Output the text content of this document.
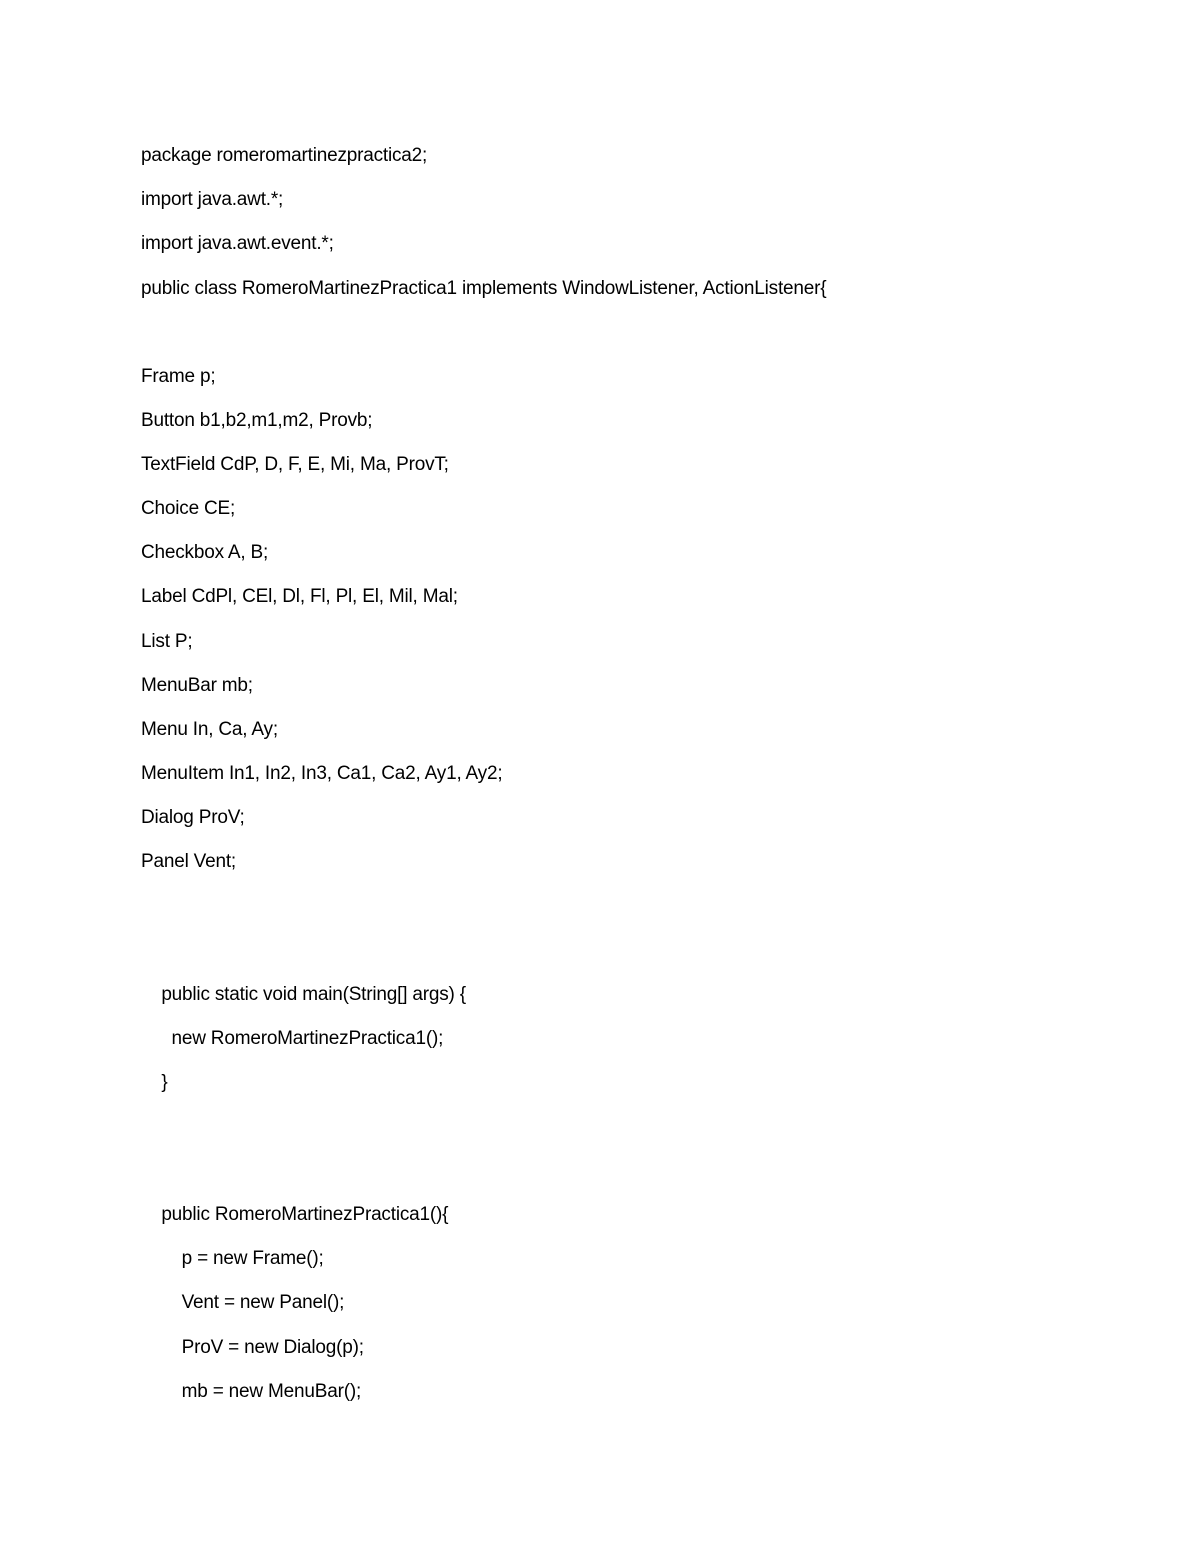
package romeromartinezpractica2;
import java.awt.*;
import java.awt.event.*;
public class RomeroMartinezPractica1 implements WindowListener, ActionListener{
Frame p;
Button b1,b2,m1,m2, Provb;
TextField CdP, D, F, E, Mi, Ma, ProvT;
Choice CE;
Checkbox A, B;
Label CdPl, CEl, Dl, Fl, Pl, El, Mil, Mal;
List P;
MenuBar mb;
Menu In, Ca, Ay;
MenuItem In1, In2, In3, Ca1, Ca2, Ay1, Ay2;
Dialog ProV;
Panel Vent;
public static void main(String[] args) {
new RomeroMartinezPractica1();
}
public RomeroMartinezPractica1(){
p = new Frame();
Vent = new Panel();
ProV = new Dialog(p);
mb = new MenuBar();
